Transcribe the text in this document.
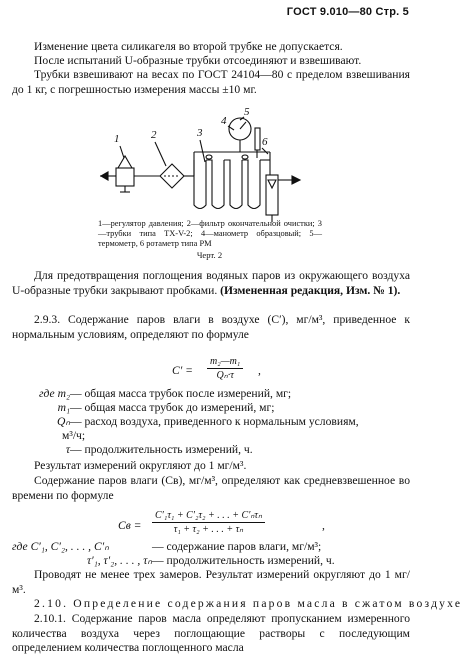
ГОСТ 9.010—80 Стр. 5

Изменение цвета силикагеля во второй трубке не допускается.

После испытаний U-образные трубки отсоединяют и взвешивают.

Трубки взвешивают на весах по ГОСТ 24104—80 с пределом взвешивания до 1 кг, с погрешностью измерения массы ±10 мг.

1	2	3
4
5
6
1—регулятор давления; 2—фильтр окончательной очистки; 3—трубки типа ТХ-V-2; 4—манометр образцовый; 5—термометр, 6 ротаметр типа РМ
Черт. 2

Для предотвращения поглощения водяных паров из окружающего воздуха U-образные трубки закрывают пробками. (Измененная редакция, Изм. № 1).

2.9.3. Содержание паров влаги в воздухе (C′), мг/м³, приведенное к нормальным условиям, определяют по формуле

$C' = \frac{\text{m₂—m₁}}{\text{Qₙ·τ}}$ ,
где m₂— общая масса трубок после измерений, мг;
m₁— общая масса трубок до измерений, мг;
Qₙ— расход воздуха, приведенного к нормальным условиям,
м³/ч;
τ— продолжительность измерений, ч.

Результат измерений округляют до 1 мг/м³.

Содержание паров влаги (Cв), мг/м³, определяют как средневзвешенное во времени по формуле

Cв =
C′₁τ₁ + C′₂τ₂ + . . . + C′ₙτₙ
τ₁ + τ₂ + . . . + τₙ	,
где C′₁, C′₂, . . . , C′ₙ	— содержание паров влаги, мг/м³;
τ′₁, τ′₂, . . . , τₙ— продолжительность измерений, ч.

Проводят не менее трех замеров. Результат измерений округляют до 1 мг/м³.

2.10. Определение содержания паров масла в сжатом воздухе

2.10.1. Содержание паров масла определяют пропусканием измеренного количества воздуха через поглощающие растворы с последующим определением количества поглощенного масла
